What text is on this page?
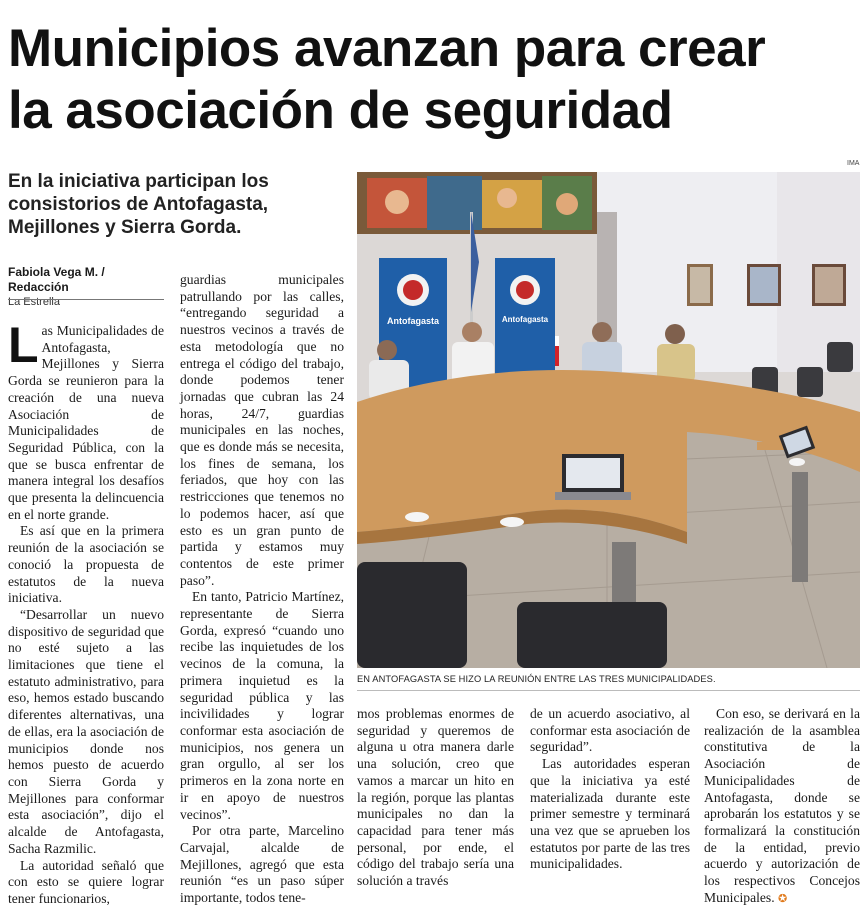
Municipios avanzan para crear
la asociación de seguridad
En la iniciativa participan los
consistorios de Antofagasta,
Mejillones y Sierra Gorda.
Fabiola Vega M. / Redacción
La Estrella

Las Municipalidades de Antofagasta, Mejillones y Sierra Gorda se reunieron para la creación de una nueva Asociación de Municipalidades de Seguridad Pública, con la que se busca enfrentar de manera integral los desafíos que presenta la delincuencia en el norte grande.

Es así que en la primera reunión de la asociación se conoció la propuesta de estatutos de la nueva iniciativa.

“Desarrollar un nuevo dispositivo de seguridad que no esté sujeto a las limitaciones que tiene el estatuto administrativo, para eso, hemos estado buscando diferentes alternativas, una de ellas, era la asociación de municipios donde nos hemos puesto de acuerdo con Sierra Gorda y Mejillones para conformar esta asociación”, dijo el alcalde de Antofagasta, Sacha Razmilic.

La autoridad señaló que con esto se quiere lograr tener funcionarios,

guardias municipales patrullando por las calles, “entregando seguridad a nuestros vecinos a través de esta metodología que no entrega el código del trabajo, donde podemos tener jornadas que cubran las 24 horas, 24/7, guardias municipales en las noches, que es donde más se necesita, los fines de semana, los feriados, que hoy con las restricciones que tenemos no lo podemos hacer, así que esto es un gran punto de partida y estamos muy contentos de este primer paso”.

En tanto, Patricio Martínez, representante de Sierra Gorda, expresó “cuando uno recibe las inquietudes de los vecinos de la comuna, la primera inquietud es la seguridad pública y las incivilidades y lograr conformar esta asociación de municipios, nos genera un gran orgullo, al ser los primeros en la zona norte en ir en apoyo de nuestros vecinos”.

Por otra parte, Marcelino Carvajal, alcalde de Mejillones, agregó que esta reunión “es un paso súper importante, todos tene-

mos problemas enormes de seguridad y queremos de alguna u otra manera darle una solución, creo que vamos a marcar un hito en la región, porque las plantas municipales no dan la capacidad para tener más personal, por ende, el código del trabajo sería una solución a través

de un acuerdo asociativo, al conformar esta asociación de seguridad”.

Las autoridades esperan que la iniciativa ya esté materializada durante este primer semestre y terminará una vez que se aprueben los estatutos por parte de las tres municipalidades.

Con eso, se derivará en la realización de la asamblea constitutiva de la Asociación de Municipalidades de Antofagasta, donde se aprobarán los estatutos y se formalizará la constitución de la entidad, previo acuerdo y autorización de los respectivos Concejos Municipales. ✪

IMA
Antofagasta	Antofagasta
EN ANTOFAGASTA SE HIZO LA REUNIÓN ENTRE LAS TRES MUNICIPALIDADES.
